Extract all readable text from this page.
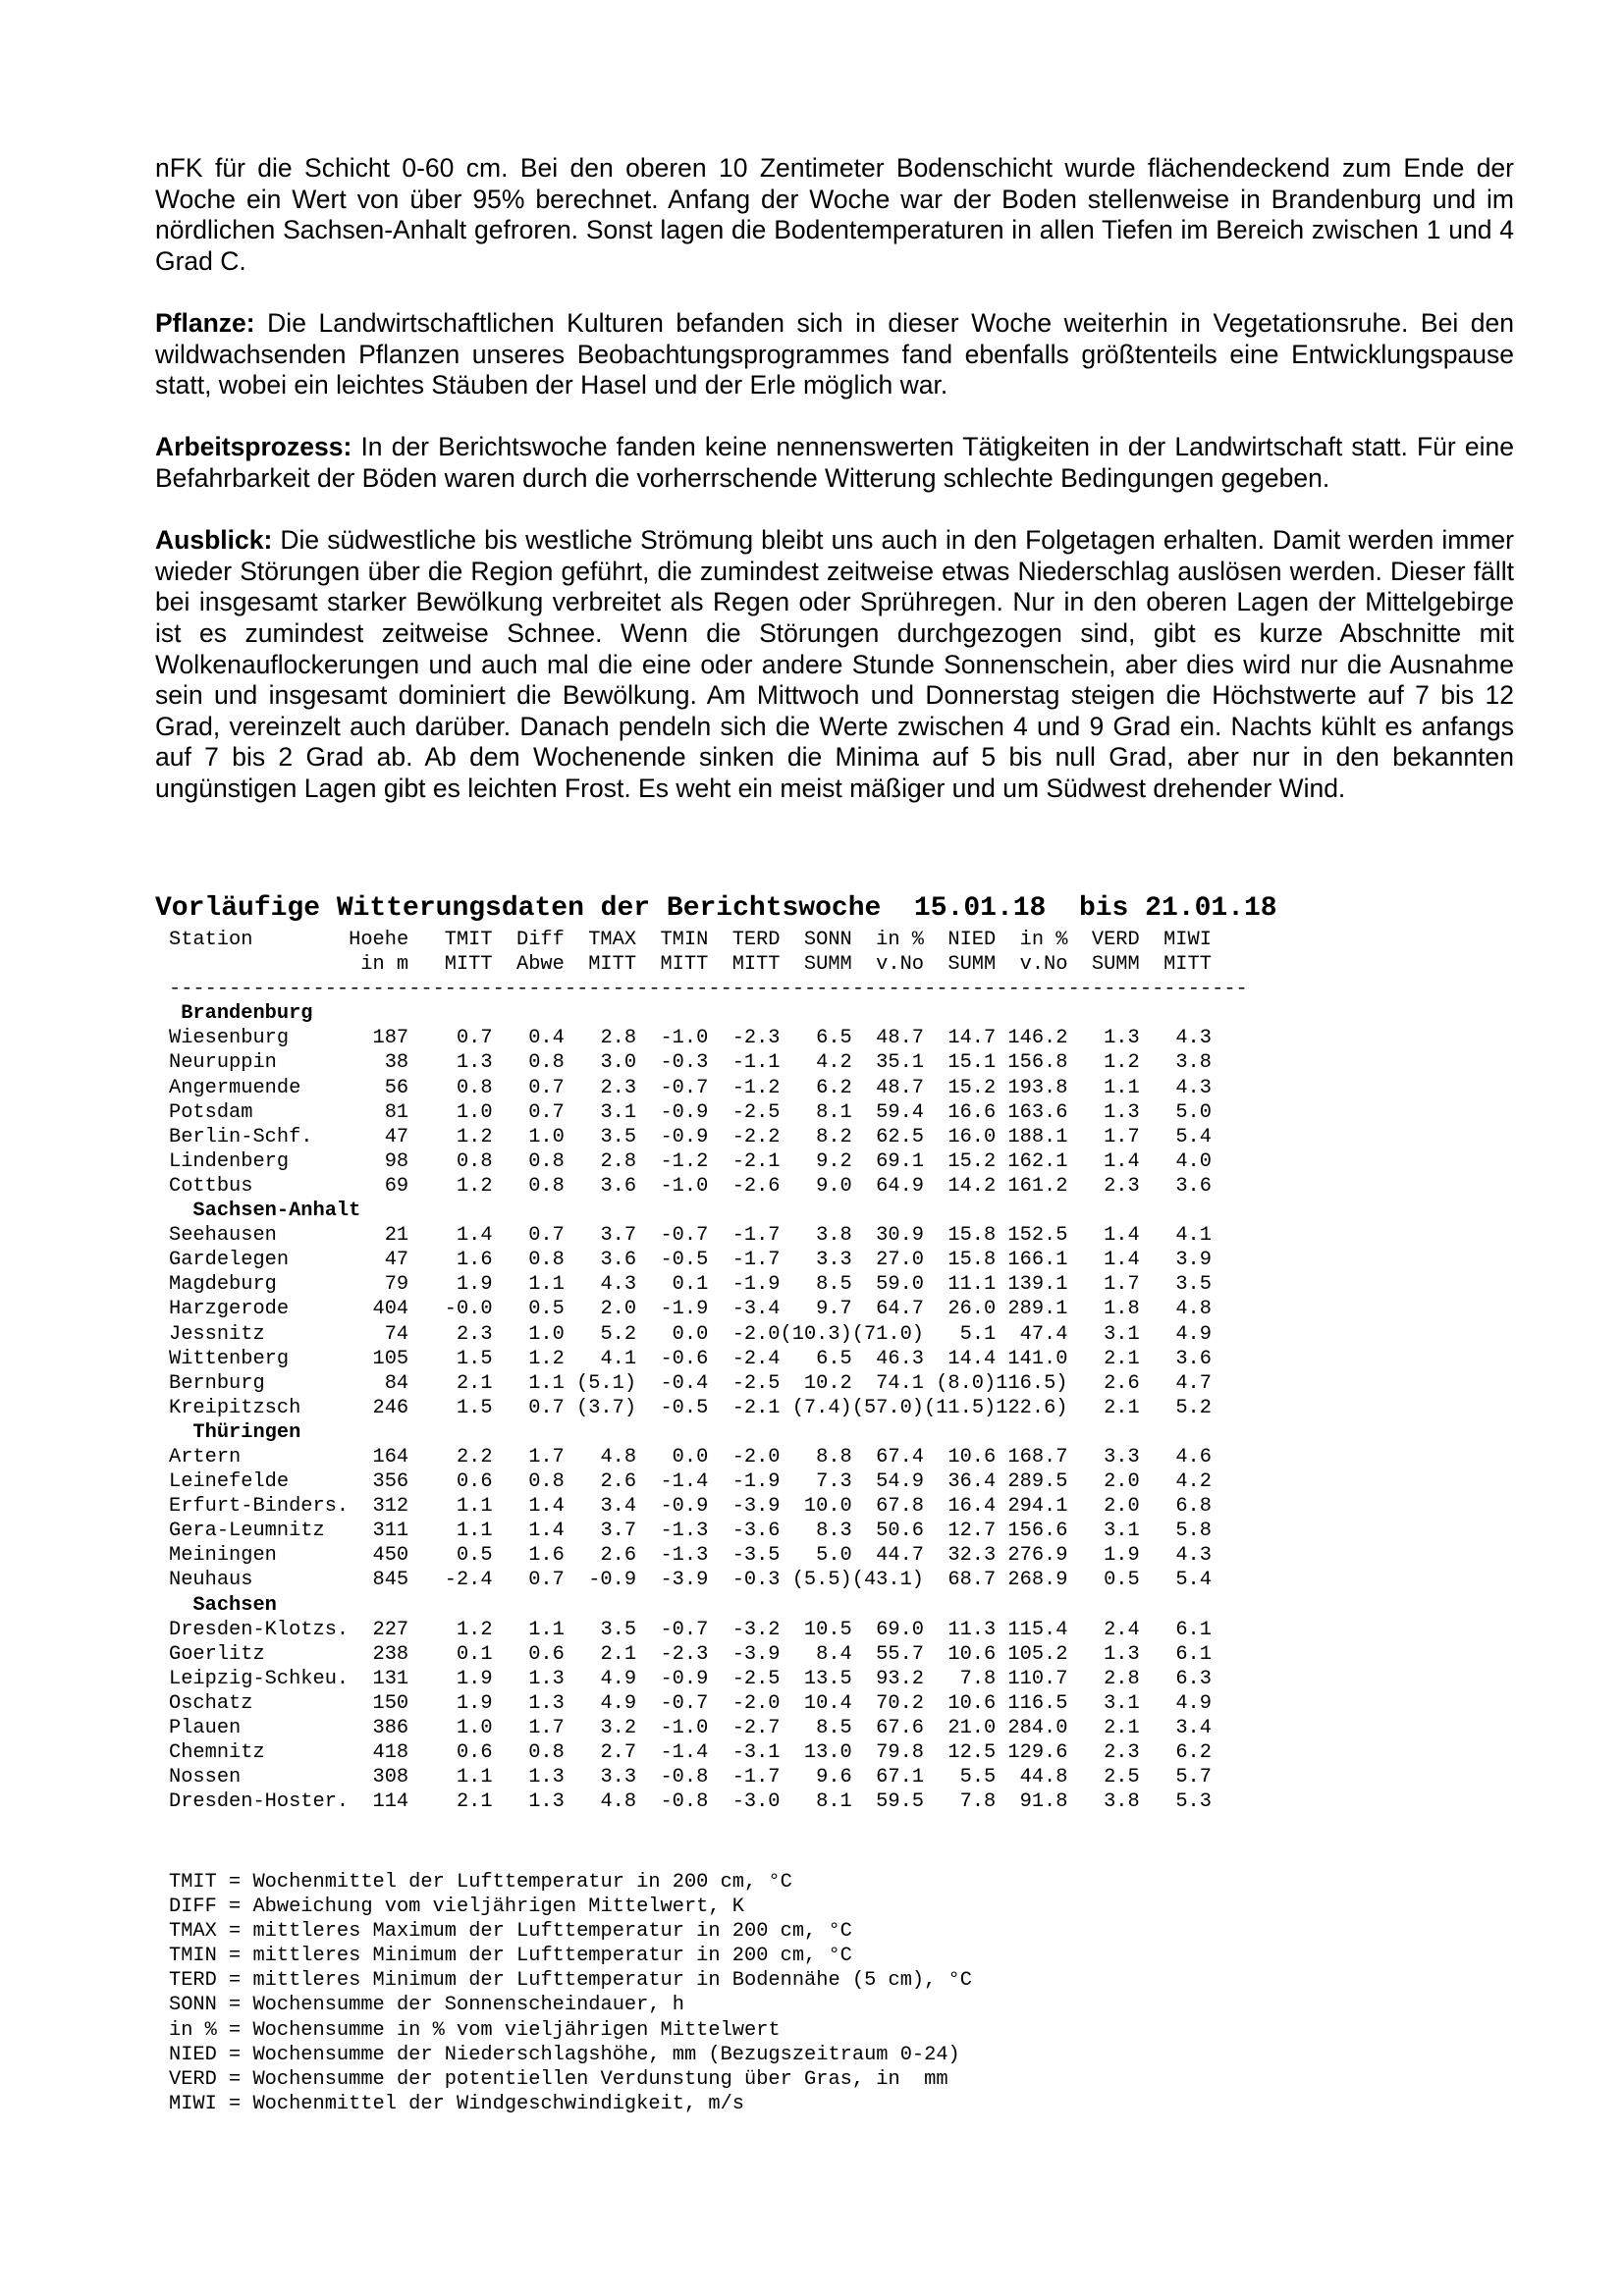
nFK für die Schicht 0-60 cm. Bei den oberen 10 Zentimeter Bodenschicht wurde flächendeckend zum Ende der Woche ein Wert von über 95% berechnet. Anfang der Woche war der Boden stellenweise in Brandenburg und im nördlichen Sachsen-Anhalt gefroren. Sonst lagen die Bodentemperaturen in allen Tiefen im Bereich zwischen 1 und 4 Grad C.

Pflanze: Die Landwirtschaftlichen Kulturen befanden sich in dieser Woche weiterhin in Vegetationsruhe. Bei den wildwachsenden Pflanzen unseres Beobachtungsprogrammes fand ebenfalls größtenteils eine Entwicklungspause statt, wobei ein leichtes Stäuben der Hasel und der Erle möglich war.

Arbeitsprozess: In der Berichtswoche fanden keine nennenswerten Tätigkeiten in der Landwirtschaft statt. Für eine Befahrbarkeit der Böden waren durch die vorherrschende Witterung schlechte Bedingungen gegeben.

Ausblick: Die südwestliche bis westliche Strömung bleibt uns auch in den Folgetagen erhalten. Damit werden immer wieder Störungen über die Region geführt, die zumindest zeitweise etwas Niederschlag auslösen werden. Dieser fällt bei insgesamt starker Bewölkung verbreitet als Regen oder Sprühregen. Nur in den oberen Lagen der Mittelgebirge ist es zumindest zeitweise Schnee. Wenn die Störungen durchgezogen sind, gibt es kurze Abschnitte mit Wolkenauflockerungen und auch mal die eine oder andere Stunde Sonnenschein, aber dies wird nur die Ausnahme sein und insgesamt dominiert die Bewölkung. Am Mittwoch und Donnerstag steigen die Höchstwerte auf 7 bis 12 Grad, vereinzelt auch darüber. Danach pendeln sich die Werte zwischen 4 und 9 Grad ein. Nachts kühlt es anfangs auf 7 bis 2 Grad ab. Ab dem Wochenende sinken die Minima auf 5 bis null Grad, aber nur in den bekannten ungünstigen Lagen gibt es leichten Frost. Es weht ein meist mäßiger und um Südwest drehender Wind.

Vorläufige Witterungsdaten der Berichtswoche  15.01.18  bis 21.01.18
Station	Hoehe TMIT Diff TMAX TMIN TERD SONN in % NIED in % VERD MIWI
in m MITT Abwe MITT MITT MITT SUMM v.No SUMM v.No SUMM MITT
------------------------------------------------------------------------------------------
Brandenburg
Wiesenburg	187 0.7 0.4 2.8 -1.0 -2.3 6.5 48.7 14.7 146.2 1.3 4.3
Neuruppin	38 1.3 0.8 3.0 -0.3 -1.1 4.2 35.1 15.1 156.8 1.2 3.8
Angermuende	56 0.8 0.7 2.3 -0.7 -1.2 6.2 48.7 15.2 193.8 1.1 4.3
Potsdam	81 1.0 0.7 3.1 -0.9 -2.5 8.1 59.4 16.6 163.6 1.3 5.0
Berlin-Schf.	47 1.2 1.0 3.5 -0.9 -2.2 8.2 62.5 16.0 188.1 1.7 5.4
Lindenberg	98 0.8 0.8 2.8 -1.2 -2.1 9.2 69.1 15.2 162.1 1.4 4.0
Cottbus	69 1.2 0.8 3.6 -1.0 -2.6 9.0 64.9 14.2 161.2 2.3 3.6
Sachsen-Anhalt
Seehausen	21 1.4 0.7 3.7 -0.7 -1.7 3.8 30.9 15.8 152.5 1.4 4.1
Gardelegen	47 1.6 0.8 3.6 -0.5 -1.7 3.3 27.0 15.8 166.1 1.4 3.9
Magdeburg	79 1.9 1.1 4.3 0.1 -1.9 8.5 59.0 11.1 139.1 1.7 3.5
Harzgerode	404 -0.0 0.5 2.0 -1.9 -3.4 9.7 64.7 26.0 289.1 1.8 4.8
Jessnitz	74 2.3 1.0 5.2 0.0 -2.0(10.3)(71.0) 5.1 47.4 3.1 4.9
Wittenberg	105 1.5 1.2 4.1 -0.6 -2.4 6.5 46.3 14.4 141.0 2.1 3.6
Bernburg	84 2.1 1.1 (5.1) -0.4 -2.5 10.2 74.1 (8.0)116.5) 2.6 4.7
Kreipitzsch	246 1.5 0.7 (3.7) -0.5 -2.1 (7.4)(57.0)(11.5)122.6) 2.1 5.2
Thüringen
Artern	164 2.2 1.7 4.8 0.0 -2.0 8.8 67.4 10.6 168.7 3.3 4.6
Leinefelde	356 0.6 0.8 2.6 -1.4 -1.9 7.3 54.9 36.4 289.5 2.0 4.2
Erfurt-Binders. 312 1.1 1.4 3.4 -0.9 -3.9 10.0 67.8 16.4 294.1 2.0 6.8
Gera-Leumnitz 311 1.1 1.4 3.7 -1.3 -3.6 8.3 50.6 12.7 156.6 3.1 5.8
Meiningen	450 0.5 1.6 2.6 -1.3 -3.5 5.0 44.7 32.3 276.9 1.9 4.3
Neuhaus	845 -2.4 0.7 -0.9 -3.9 -0.3 (5.5)(43.1) 68.7 268.9 0.5 5.4
Sachsen
Dresden-Klotzs. 227 1.2 1.1 3.5 -0.7 -3.2 10.5 69.0 11.3 115.4 2.4 6.1
Goerlitz	238 0.1 0.6 2.1 -2.3 -3.9 8.4 55.7 10.6 105.2 1.3 6.1
Leipzig-Schkeu. 131 1.9 1.3 4.9 -0.9 -2.5 13.5 93.2 7.8 110.7 2.8 6.3
Oschatz	150 1.9 1.3 4.9 -0.7 -2.0 10.4 70.2 10.6 116.5 3.1 4.9
Plauen	386 1.0 1.7 3.2 -1.0 -2.7 8.5 67.6 21.0 284.0 2.1 3.4
Chemnitz	418 0.6 0.8 2.7 -1.4 -3.1 13.0 79.8 12.5 129.6 2.3 6.2
Nossen	308 1.1 1.3 3.3 -0.8 -1.7 9.6 67.1 5.5 44.8 2.5 5.7
Dresden-Hoster. 114 2.1 1.3 4.8 -0.8 -3.0 8.1 59.5 7.8 91.8 3.8 5.3
TMIT = Wochenmittel der Lufttemperatur in 200 cm, °C
DIFF = Abweichung vom vieljährigen Mittelwert, K
TMAX = mittleres Maximum der Lufttemperatur in 200 cm, °C
TMIN = mittleres Minimum der Lufttemperatur in 200 cm, °C
TERD = mittleres Minimum der Lufttemperatur in Bodennähe (5 cm), °C
SONN = Wochensumme der Sonnenscheindauer, h
in % = Wochensumme in % vom vieljährigen Mittelwert
NIED = Wochensumme der Niederschlagshöhe, mm (Bezugszeitraum 0-24)
VERD = Wochensumme der potentiellen Verdunstung über Gras, in  mm
MIWI = Wochenmittel der Windgeschwindigkeit, m/s
